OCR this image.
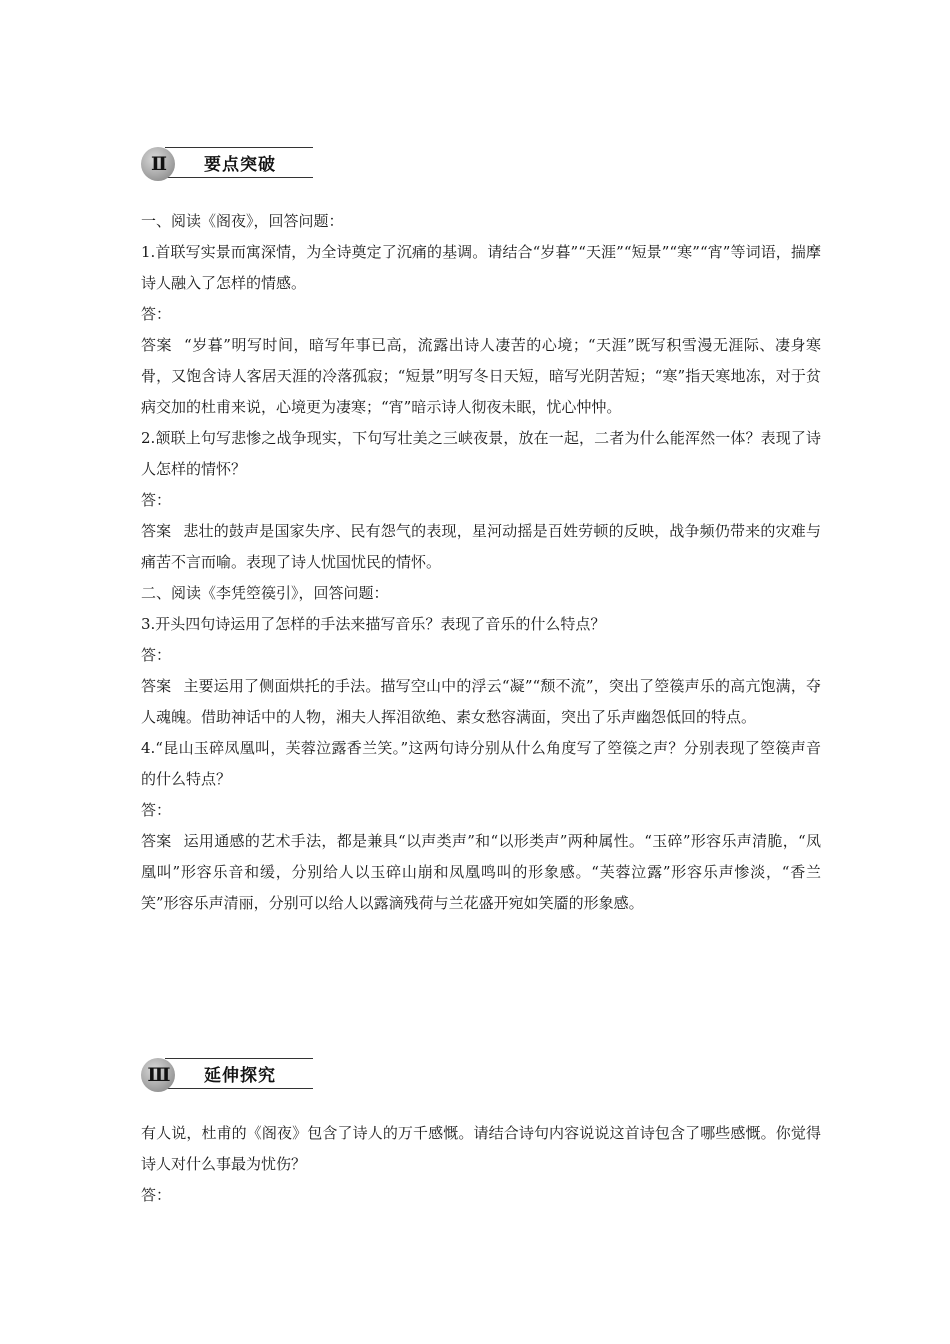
Ⅱ	要点突破

一、阅读《阁夜》，回答问题：

1.首联写实景而寓深情，为全诗奠定了沉痛的基调。请结合“岁暮”“天涯”“短景”“寒”“宵”等词语，揣摩诗人融入了怎样的情感。

答：

答案 “岁暮”明写时间，暗写年事已高，流露出诗人凄苦的心境；“天涯”既写积雪漫无涯际、凄身寒骨，又饱含诗人客居天涯的冷落孤寂；“短景”明写冬日天短，暗写光阴苦短；“寒”指天寒地冻，对于贫病交加的杜甫来说，心境更为凄寒；“宵”暗示诗人彻夜未眠，忧心忡忡。

2.颔联上句写悲惨之战争现实，下句写壮美之三峡夜景，放在一起，二者为什么能浑然一体？表现了诗人怎样的情怀？

答：

答案 悲壮的鼓声是国家失序、民有怨气的表现，星河动摇是百姓劳顿的反映，战争频仍带来的灾难与痛苦不言而喻。表现了诗人忧国忧民的情怀。

二、阅读《李凭箜篌引》，回答问题：

3.开头四句诗运用了怎样的手法来描写音乐？表现了音乐的什么特点？

答：

答案 主要运用了侧面烘托的手法。描写空山中的浮云“凝”“颓不流”，突出了箜篌声乐的高亢饱满，夺人魂魄。借助神话中的人物，湘夫人挥泪欲绝、素女愁容满面，突出了乐声幽怨低回的特点。

4.“昆山玉碎凤凰叫，芙蓉泣露香兰笑。”这两句诗分别从什么角度写了箜篌之声？分别表现了箜篌声音的什么特点？

答：

答案 运用通感的艺术手法，都是兼具“以声类声”和“以形类声”两种属性。“玉碎”形容乐声清脆，“凤凰叫”形容乐音和缓，分别给人以玉碎山崩和凤凰鸣叫的形象感。“芙蓉泣露”形容乐声惨淡，“香兰笑”形容乐声清丽，分别可以给人以露滴残荷与兰花盛开宛如笑靥的形象感。

Ⅲ	延伸探究

有人说，杜甫的《阁夜》包含了诗人的万千感慨。请结合诗句内容说说这首诗包含了哪些感慨。你觉得诗人对什么事最为忧伤？

答：
